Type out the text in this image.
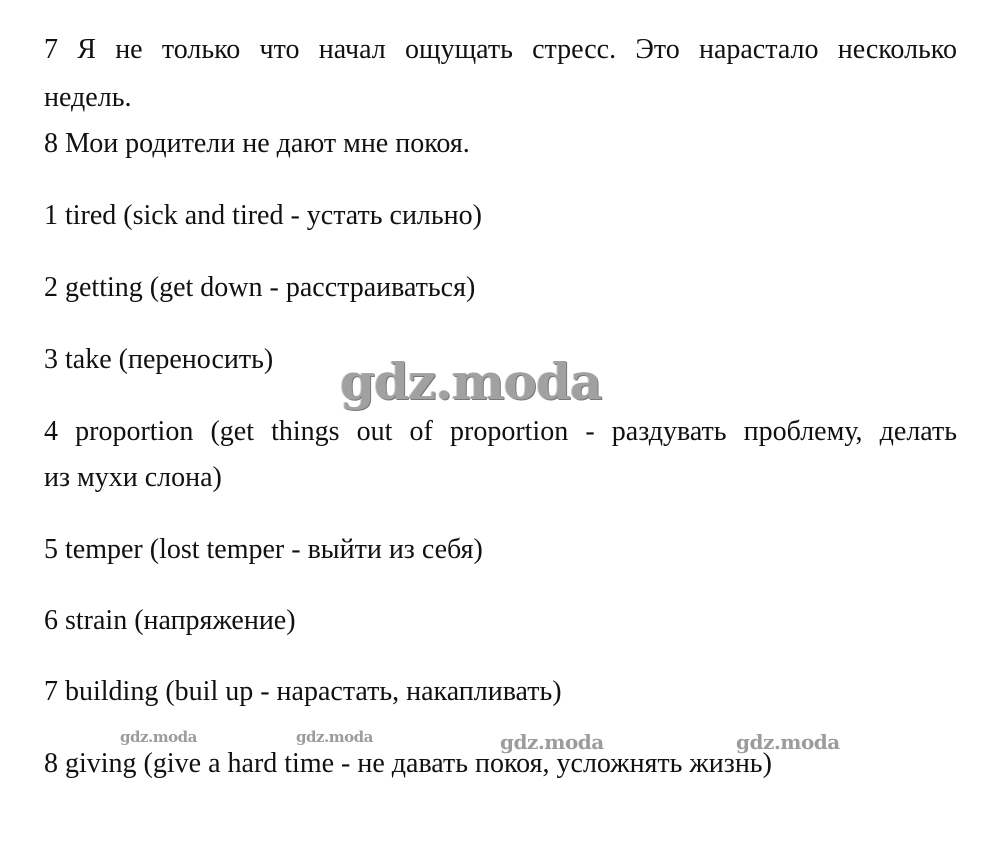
7 Я не только что начал ощущать стресс. Это нарастало несколько
недель.
8 Мои родители не дают мне покоя.
1 tired (sick and tired - устать сильно)
2 getting (get down - расстраиваться)
3 take (переносить)
4 proportion (get things out of proportion - раздувать проблему, делать
из мухи слона)
5 temper (lost temper - выйти из себя)
6 strain (напряжение)
7 building (buil up - нарастать, накапливать)
8 giving (give a hard time - не давать покоя, усложнять жизнь)
gdz.moda
gdz.moda	gdz.moda	gdz.moda	gdz.moda
